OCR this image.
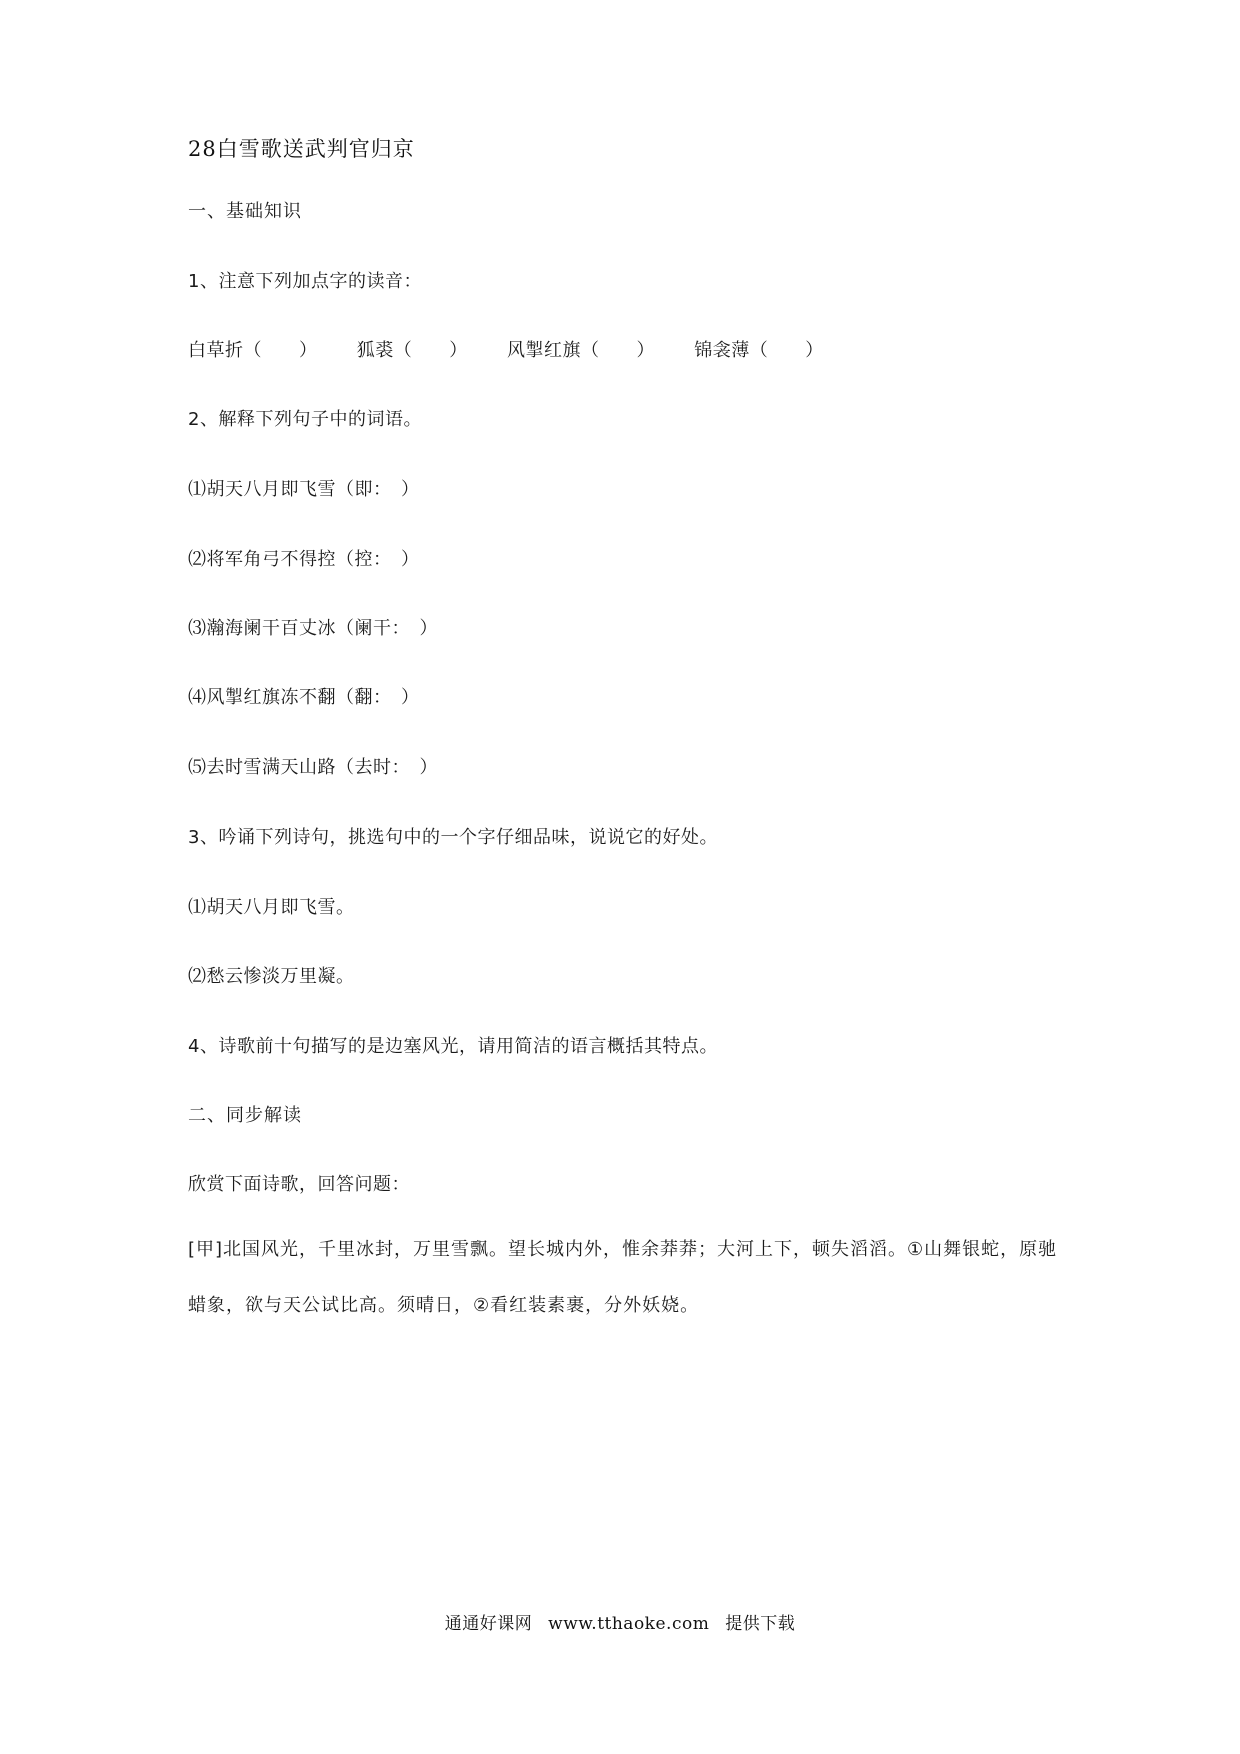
28白雪歌送武判官归京
一、基础知识
1、注意下列加点字的读音：
白草折（　　） 狐裘（　　） 风掣红旗（　　） 锦衾薄（　　）
2、解释下列句子中的词语。
⑴胡天八月即飞雪（即：　）
⑵将军角弓不得控（控：　）
⑶瀚海阑干百丈冰（阑干：　）
⑷风掣红旗冻不翻（翻：　）
⑸去时雪满天山路（去时：　）
3、吟诵下列诗句，挑选句中的一个字仔细品味，说说它的好处。
⑴胡天八月即飞雪。
⑵愁云惨淡万里凝。
4、诗歌前十句描写的是边塞风光，请用简洁的语言概括其特点。
二、同步解读
欣赏下面诗歌，回答问题：
[甲]北国风光，千里冰封，万里雪飘。望长城内外，惟余莽莽；大河上下，顿失滔滔。①山舞银蛇，原驰蜡象，欲与天公试比高。须晴日，②看红装素裹，分外妖娆。
通通好课网 www.tthaoke.com 提供下载
